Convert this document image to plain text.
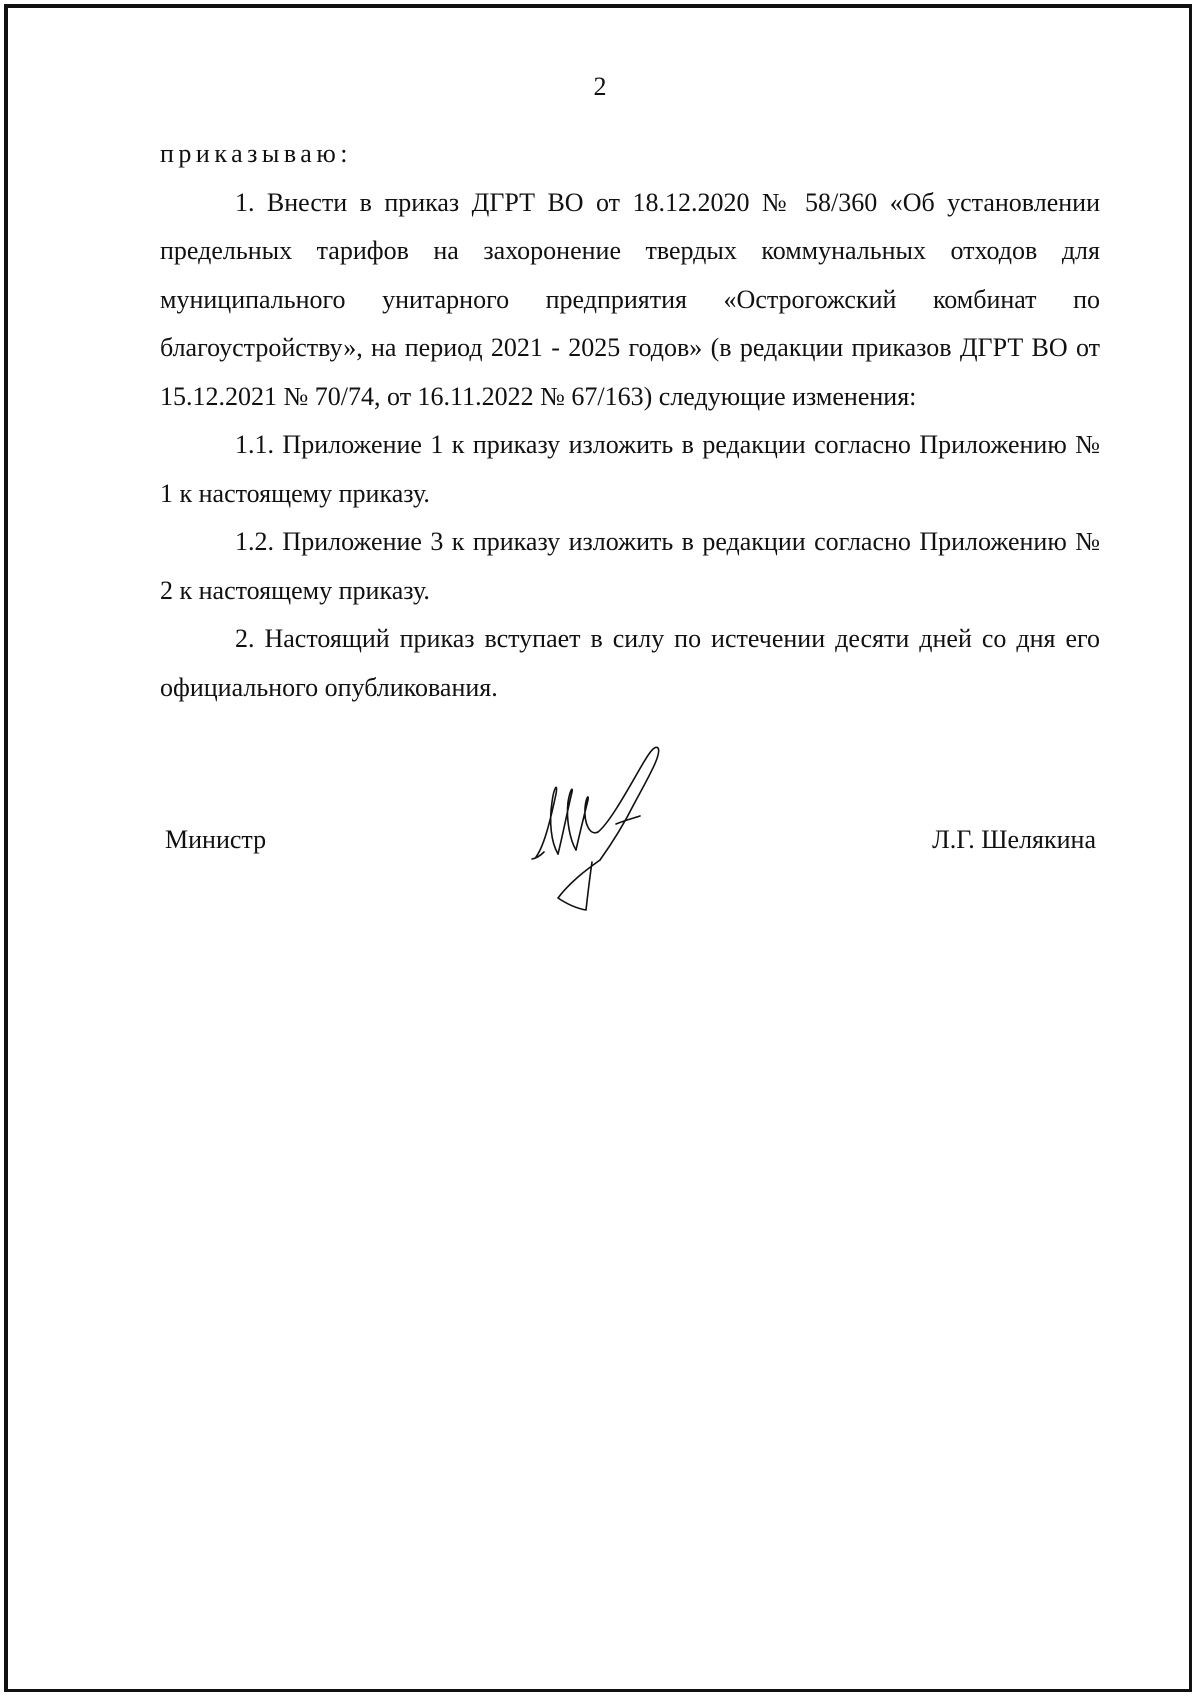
2

приказываю:

1. Внести в приказ ДГРТ ВО от 18.12.2020 № 58/360 «Об установлении предельных тарифов на захоронение твердых коммунальных отходов для муниципального унитарного предприятия «Острогожский комбинат по благоустройству», на период 2021 - 2025 годов» (в редакции приказов ДГРТ ВО от 15.12.2021 № 70/74, от 16.11.2022 № 67/163) следующие изменения:

1.1. Приложение 1 к приказу изложить в редакции согласно Приложению № 1 к настоящему приказу.

1.2. Приложение 3 к приказу изложить в редакции согласно Приложению № 2 к настоящему приказу.

2. Настоящий приказ вступает в силу по истечении десяти дней со дня его официального опубликования.

Министр	Л.Г. Шелякина
